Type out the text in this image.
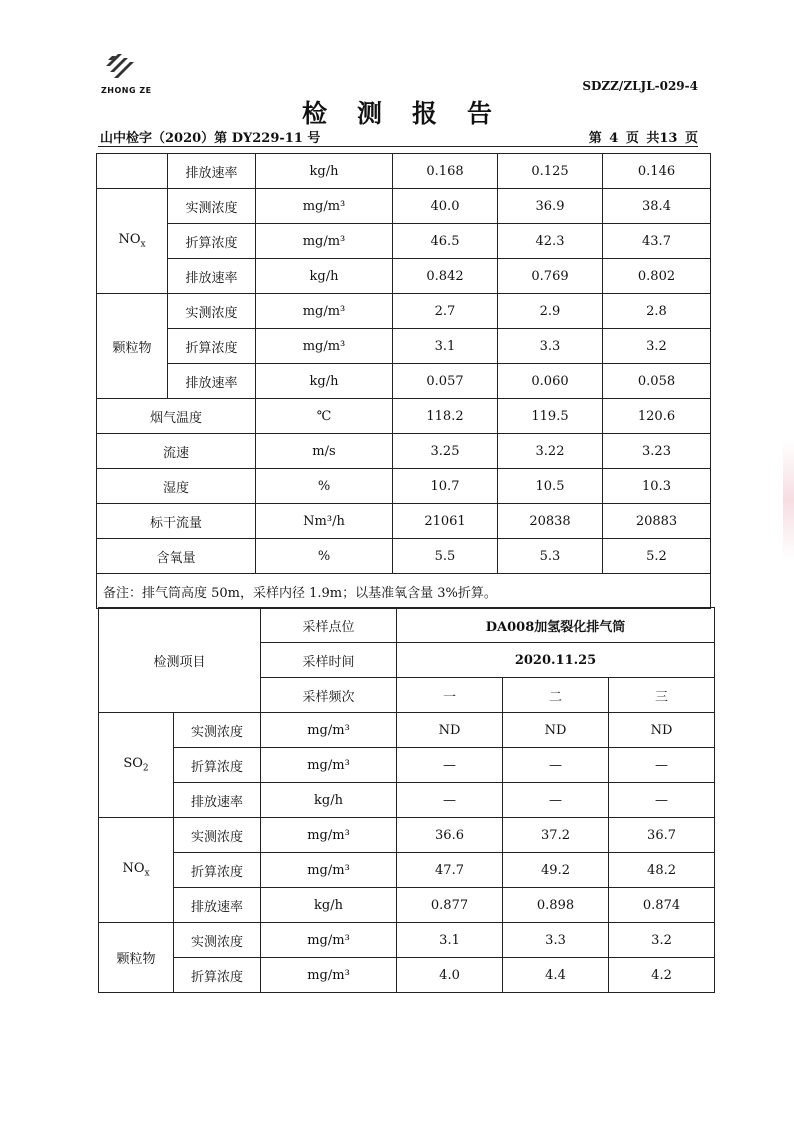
ZHONG ZE	SDZZ/ZLJL-029-4
检测报告
山中检字（2020）第 DY229-11 号	第 4 页 共13 页
	排放速率	kg/h	0.168	0.125	0.146
$NO_x$	实测浓度	mg/m³	40.0	36.9	38.4
	折算浓度	mg/m³	46.5	42.3	43.7
	排放速率	kg/h	0.842	0.769	0.802
颗粒物	实测浓度	mg/m³	2.7	2.9	2.8
	折算浓度	mg/m³	3.1	3.3	3.2
	排放速率	kg/h	0.057	0.060	0.058
烟气温度		℃	118.2	119.5	120.6
流速		m/s	3.25	3.22	3.23
湿度		%	10.7	10.5	10.3
标干流量		Nm³/h	21061	20838	20883
含氧量		%	5.5	5.3	5.2
备注：排气筒高度 50m，采样内径 1.9m；以基准氧含量 3%折算。					
检测项目		采样点位	DA008加氢裂化排气筒		
		采样时间	2020.11.25		
		采样频次	一	二	三
$SO_2$	实测浓度	mg/m³	ND	ND	ND
	折算浓度	mg/m³	—	—	—
	排放速率	kg/h	—	—	—
$NO_x$	实测浓度	mg/m³	36.6	37.2	36.7
	折算浓度	mg/m³	47.7	49.2	48.2
	排放速率	kg/h	0.877	0.898	0.874
颗粒物	实测浓度	mg/m³	3.1	3.3	3.2
	折算浓度	mg/m³	4.0	4.4	4.2
